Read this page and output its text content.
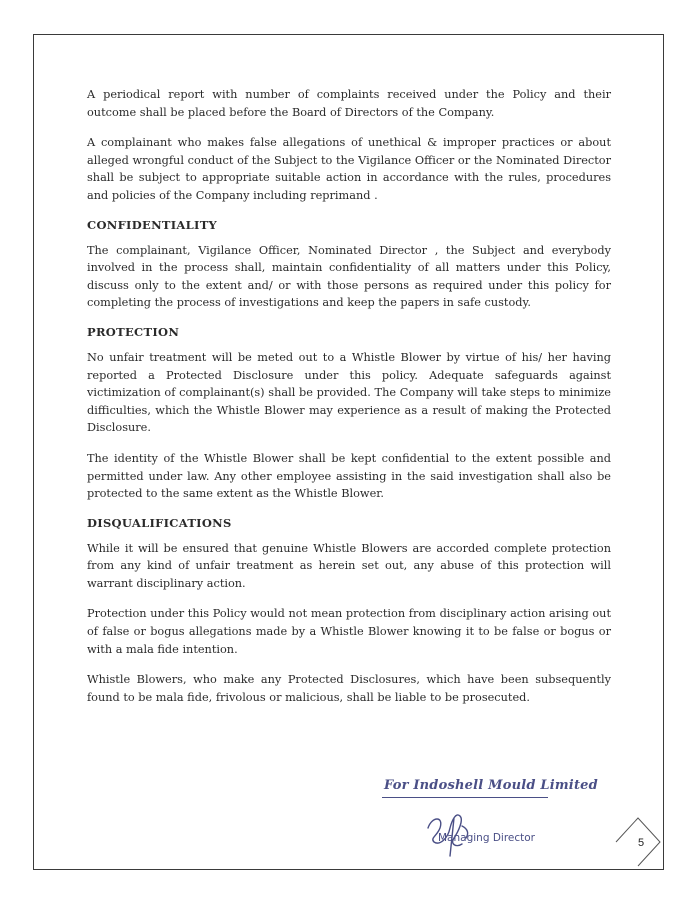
A periodical report with number of complaints received under the Policy and their outcome shall be placed before the Board of Directors of the Company.

A complainant who makes false allegations of unethical & improper practices or about alleged wrongful conduct of the Subject to the Vigilance Officer or the Nominated Director shall be subject to appropriate suitable action in accordance with the rules, procedures and policies of the Company including reprimand .

CONFIDENTIALITY

The complainant, Vigilance Officer, Nominated Director , the Subject and everybody involved in the process shall, maintain confidentiality of all matters under this Policy, discuss only to the extent and/ or with those persons as required under this policy for completing the process of investigations and keep the papers in safe custody.

PROTECTION

No unfair treatment will be meted out to a Whistle Blower by virtue of his/ her having reported a Protected Disclosure under this policy. Adequate safeguards against victimization of complainant(s) shall be provided. The Company will take steps to minimize difficulties, which the Whistle Blower may experience as a result of making the Protected Disclosure.

The identity of the Whistle Blower shall be kept confidential to the extent possible and permitted under law. Any other employee assisting in the said investigation shall also be protected to the same extent as the Whistle Blower.

DISQUALIFICATIONS

While it will be ensured that genuine Whistle Blowers are accorded complete protection from any kind of unfair treatment as herein set out, any abuse of this protection will warrant disciplinary action.

Protection under this Policy would not mean protection from disciplinary action arising out of false or bogus allegations made by a Whistle Blower knowing it to be false or bogus or with a mala fide intention.

Whistle Blowers, who make any Protected Disclosures, which have been subsequently found to be mala fide, frivolous or malicious, shall be liable to be prosecuted.

For Indoshell Mould Limited
Managing Director	5
